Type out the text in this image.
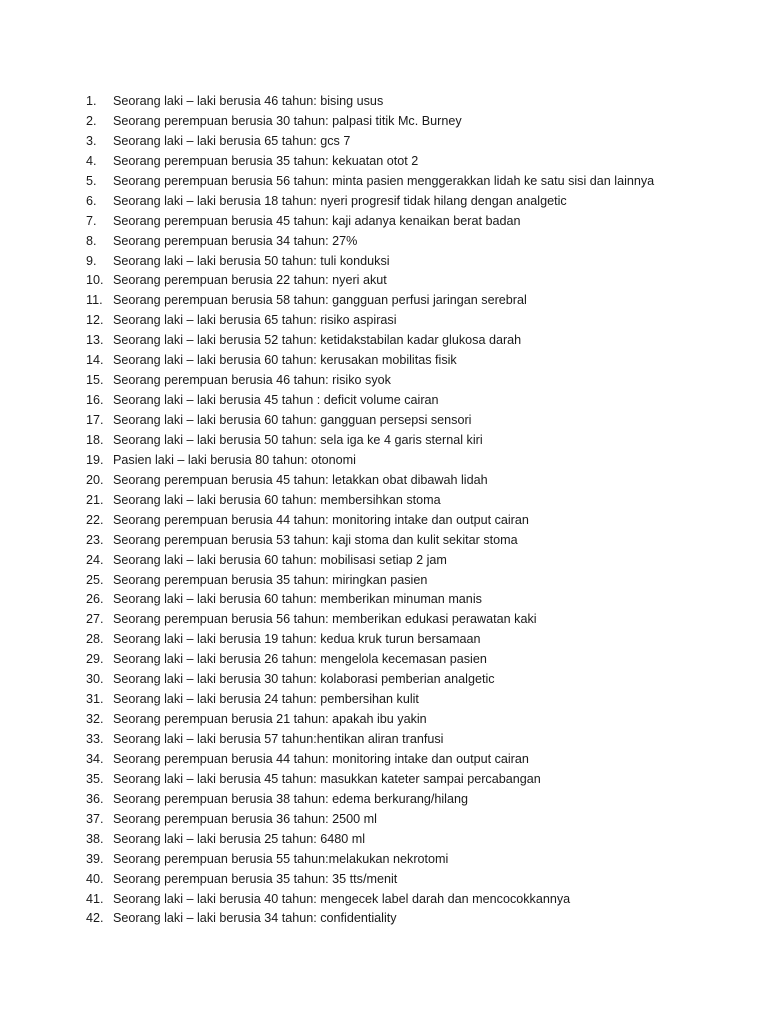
1.	Seorang laki – laki berusia 46 tahun: bising usus
2.	Seorang perempuan berusia 30 tahun: palpasi titik Mc. Burney
3.	Seorang laki – laki berusia 65 tahun: gcs 7
4.	Seorang perempuan berusia 35 tahun: kekuatan otot 2
5.	Seorang perempuan berusia 56 tahun: minta pasien menggerakkan lidah ke satu sisi dan lainnya
6.	Seorang laki – laki berusia 18 tahun: nyeri progresif tidak hilang dengan analgetic
7.	Seorang perempuan berusia 45 tahun: kaji adanya kenaikan berat badan
8.	Seorang perempuan berusia 34 tahun: 27%
9.	Seorang laki – laki berusia 50 tahun: tuli konduksi
10. Seorang perempuan berusia 22 tahun: nyeri akut
11. Seorang perempuan berusia 58 tahun: gangguan perfusi jaringan serebral
12. Seorang laki – laki berusia 65 tahun: risiko aspirasi
13. Seorang laki – laki berusia 52 tahun: ketidakstabilan kadar glukosa darah
14. Seorang laki – laki berusia 60 tahun: kerusakan mobilitas fisik
15. Seorang perempuan berusia 46 tahun: risiko syok
16. Seorang laki – laki berusia 45 tahun : deficit volume cairan
17. Seorang laki – laki berusia 60 tahun: gangguan persepsi sensori
18. Seorang laki – laki berusia 50 tahun: sela iga ke 4 garis sternal kiri
19. Pasien laki – laki berusia 80 tahun: otonomi
20. Seorang perempuan berusia 45 tahun: letakkan obat dibawah lidah
21. Seorang laki – laki berusia 60 tahun: membersihkan stoma
22. Seorang perempuan berusia 44 tahun: monitoring intake dan output cairan
23. Seorang perempuan berusia 53 tahun: kaji stoma dan kulit sekitar stoma
24. Seorang laki – laki berusia 60 tahun: mobilisasi setiap 2 jam
25. Seorang perempuan berusia 35 tahun: miringkan pasien
26. Seorang laki – laki berusia 60 tahun: memberikan minuman manis
27. Seorang perempuan berusia 56 tahun: memberikan edukasi perawatan kaki
28. Seorang laki – laki berusia 19 tahun: kedua kruk turun bersamaan
29. Seorang laki – laki berusia 26 tahun: mengelola kecemasan pasien
30. Seorang laki – laki berusia 30 tahun: kolaborasi pemberian analgetic
31. Seorang laki – laki berusia 24 tahun: pembersihan kulit
32. Seorang perempuan berusia 21 tahun: apakah ibu yakin
33. Seorang laki – laki berusia 57 tahun:hentikan aliran tranfusi
34. Seorang perempuan berusia 44 tahun: monitoring intake dan output cairan
35. Seorang laki – laki berusia 45 tahun: masukkan kateter sampai percabangan
36. Seorang perempuan berusia 38 tahun: edema berkurang/hilang
37. Seorang perempuan berusia 36 tahun: 2500 ml
38. Seorang laki – laki berusia 25 tahun: 6480 ml
39. Seorang perempuan berusia 55 tahun:melakukan nekrotomi
40. Seorang perempuan berusia 35 tahun: 35 tts/menit
41. Seorang laki – laki berusia 40 tahun: mengecek label darah dan mencocokkannya
42. Seorang laki – laki berusia 34 tahun: confidentiality
